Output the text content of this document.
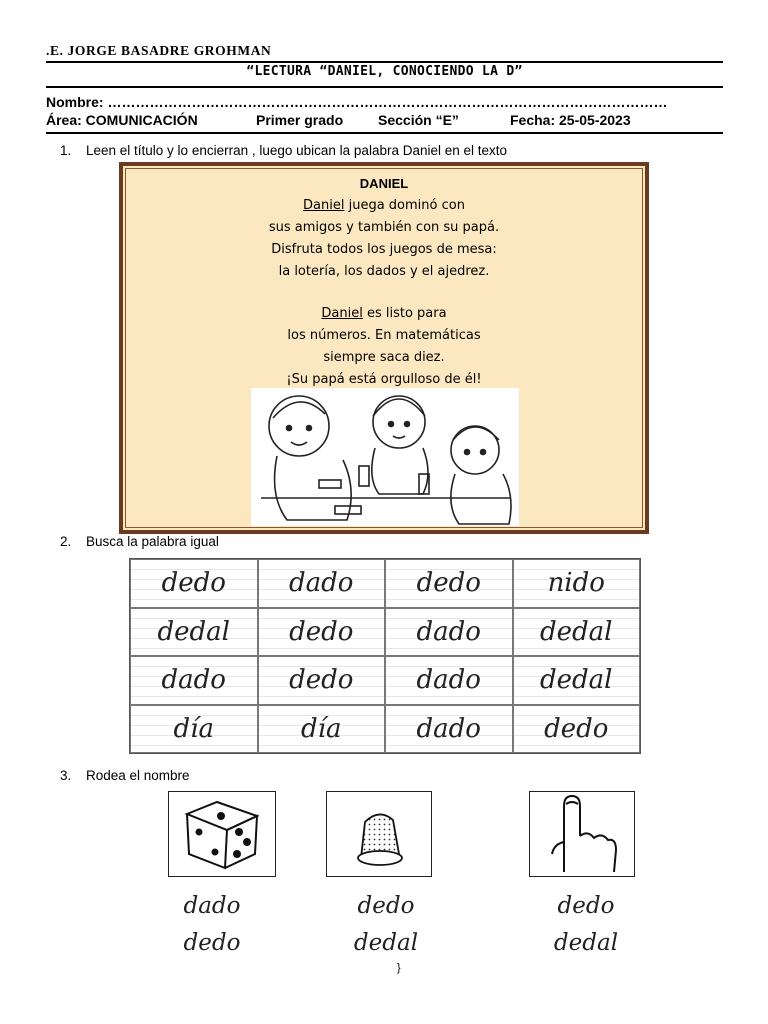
.E. JORGE BASADRE GROHMAN
“LECTURA “DANIEL, CONOCIENDO LA D”
Nombre: …………………………………………………………………………………………………………
Área: COMUNICACIÓN	Primer grado Sección “E”	Fecha: 25-05-2023
1. Leen el título y lo encierran , luego ubican la palabra Daniel en el texto
DANIEL
Daniel juega dominó con
sus amigos y también con su papá.
Disfruta todos los juegos de mesa:
la lotería, los dados y el ajedrez.
Daniel es listo para
los números. En matemáticas
siempre saca diez.
¡Su papá está orgulloso de él!
2. Busca la palabra igual
dedo	dado	dedo	nido
dedal	dedo	dado	dedal
dado	dedo	dado	dedal
día	día	dado	dedo
3. Rodea el nombre
dado
dedo
dedo
dedal
dedo
dedal
}
